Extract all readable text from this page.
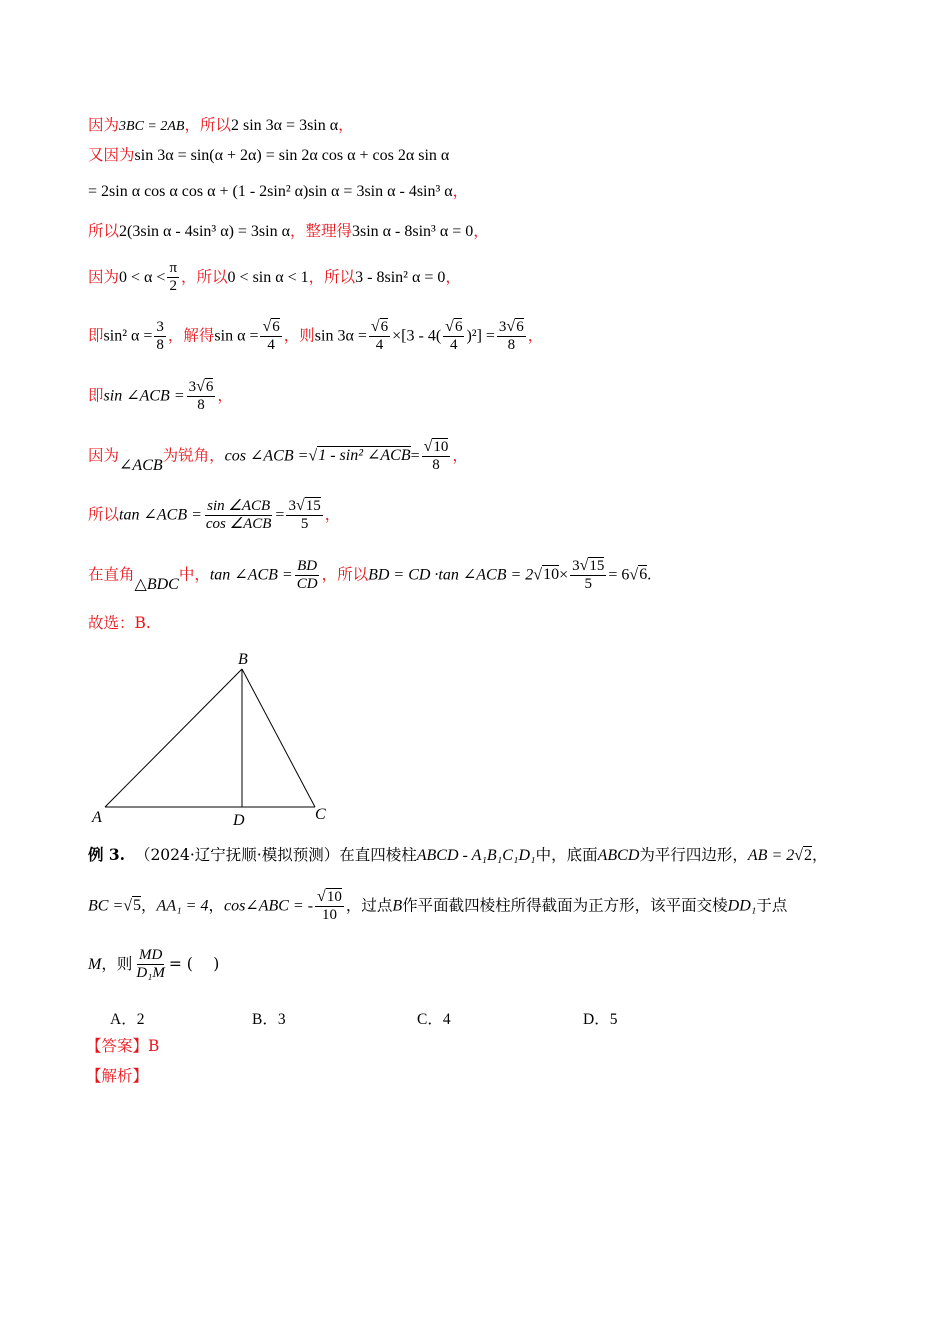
因为3BC = 2AB，所以2 sin 3α = 3sin α，
又因为sin 3α = sin(α + 2α) = sin 2α cos α + cos 2α sin α
= 2sin α cos α cos α + (1 - 2sin² α)sin α = 3sin α - 4sin³ α，
所以2(3sin α - 4sin³ α) = 3sin α，整理得3sin α - 8sin³ α = 0，
因为$0 < \alpha < \frac{\pi}{2}$ ，所以0 < sin α < 1，所以3 - 8sin² α = 0，
即sin² $\alpha = \frac{3}{8}$ ，解得$\sin \alpha = \frac{√6}{4}$ ，则$\sin 3\alpha = \frac{√6}{4} \times[3 - 4( \frac{√6}{4} )^2] = \frac{3√6}{8}$ ，
即sin ∠ACB = $\frac{3√6}{8}$ ，
因为∠ACB为锐角，cos ∠ACB =√1 - sin² ∠ACB= $\frac{√10}{8}$ ，
所以tan ∠ACB = $\frac{\text{sin ∠ACB}}{\text{cos ∠ACB}} = \frac{3√15}{5}$ ，
在直角△BDC中，tan ∠ACB = $\frac{BD}{CD}$ ，所以BD = CD ·tan ∠ACB = $2√10\times \frac{3√15}{5} = 6√6$.
故选：B.
A
B
C
D
例 3. （2024·辽宁抚顺·模拟预测）在直四棱柱ABCD - A₁B₁C₁D₁中，底面ABCD为平行四边形，AB = 2√2，
BC =√5，AA₁ = 4，cos∠ABC = - $\frac{√10}{10}$ ，过点B作平面截四棱柱所得截面为正方形，该平面交棱DD₁于点
M，则 $\frac{MD}{\text{D₁M}}$ = (　 )
A．2	B．3	C．4	D．5
【答案】B
【解析】
